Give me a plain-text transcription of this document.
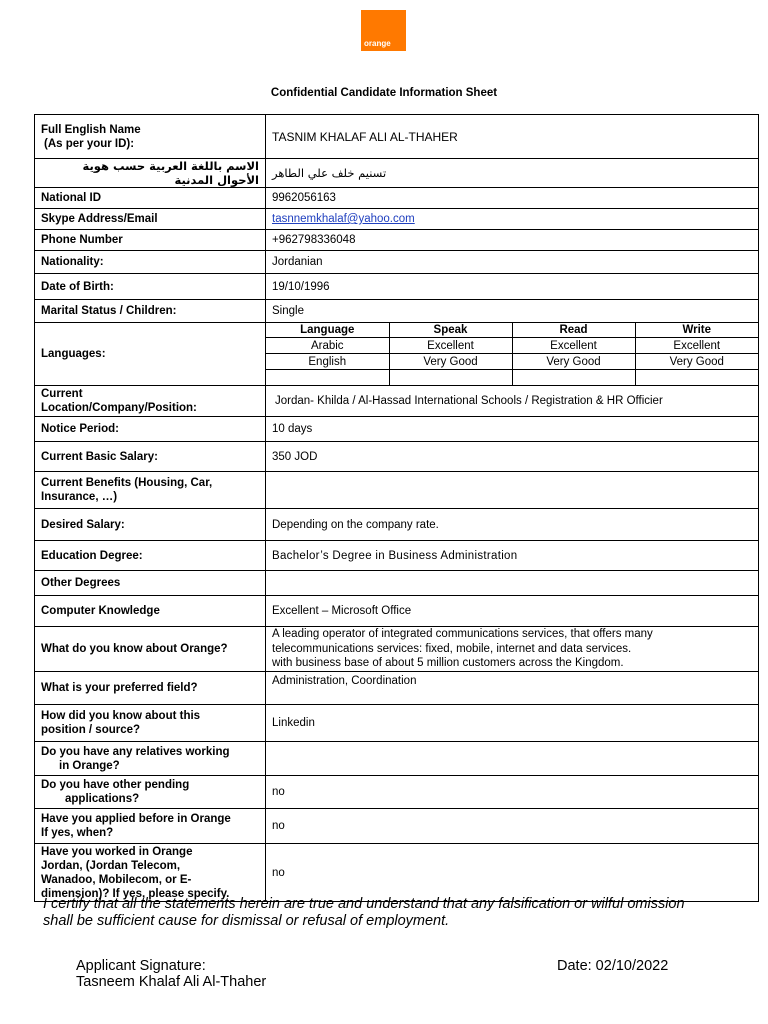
orange
Confidential Candidate Information Sheet
Full English Name
(As per your ID):	TASNIM KHALAF ALI AL-THAHER
الاسم باللغة العربية حسب هوية الأحوال المدنية	تسنيم خلف علي الطاهر
National ID	9962056163
Skype Address/Email	tasnnemkhalaf@yahoo.com
Phone Number	+962798336048
Nationality:	Jordanian
Date of Birth:	19/10/1996
Marital Status / Children:	Single
Languages:	
Language	Speak	Read	Write
Arabic	Excellent	Excellent	Excellent
English	Very Good	Very Good	Very Good

Current
Location/Company/Position:
	Jordan- Khilda / Al-Hassad International Schools / Registration & HR Officier
Notice Period:	10 days
Current Basic Salary:	350 JOD

Current Benefits (Housing, Car,
Insurance, …)

Desired Salary:	Depending on the company rate.
Education Degree:	Bachelor’s Degree in Business Administration
Other Degrees	
Computer Knowledge	Excellent – Microsoft Office
What do you know about Orange?	
A leading operator of integrated communications services, that offers many
telecommunications services: fixed, mobile, internet and data services.
with business base of about 5 million customers across the Kingdom.

What is your preferred field?	Administration, Coordination

How did you know about this
position / source?
	Linkedin

Do you have any relatives working
in Orange?

Do you have other pending
applications?
	no

Have you applied before in Orange
If yes, when?
	no

Have you worked in Orange
Jordan, (Jordan Telecom,
Wanadoo, Mobilecom, or E-
dimension)? If yes, please specify.
	no
I certify that all the statements herein are true and understand that any falsification or wilful omission
shall be sufficient cause for dismissal or refusal of employment.
Applicant Signature:
Tasneem Khalaf Ali Al-Thaher
Date: 02/10/2022
